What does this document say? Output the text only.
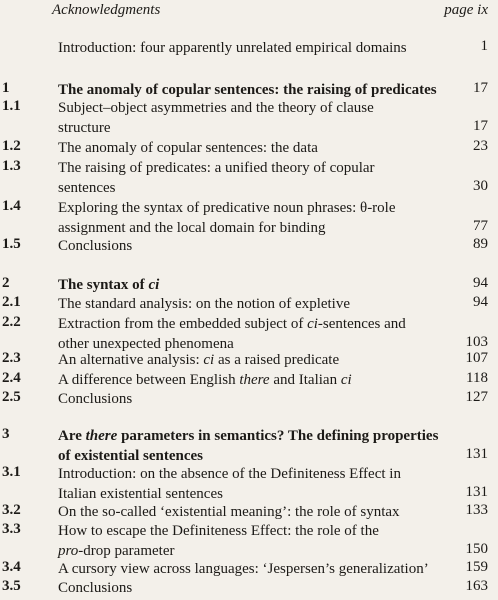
Acknowledgments	page ix
Introduction: four apparently unrelated empirical domains	1
1	The anomaly of copular sentences: the raising of predicates	17
1.1 Subject–object asymmetries and the theory of clause
structure	17
1.2 The anomaly of copular sentences: the data	23
1.3 The raising of predicates: a unified theory of copular
sentences	30
1.4 Exploring the syntax of predicative noun phrases: θ-role
assignment and the local domain for binding	77
1.5 Conclusions	89
2	The syntax of ci	94
2.1 The standard analysis: on the notion of expletive	94
2.2 Extraction from the embedded subject of ci-sentences and
other unexpected phenomena	103
2.3 An alternative analysis: ci as a raised predicate	107
2.4 A difference between English there and Italian ci	118
2.5 Conclusions	127
3	Are there parameters in semantics? The defining properties
of existential sentences	131
3.1 Introduction: on the absence of the Definiteness Effect in
Italian existential sentences	131
3.2 On the so-called ‘existential meaning’: the role of syntax	133
3.3 How to escape the Definiteness Effect: the role of the
pro-drop parameter	150
3.4 A cursory view across languages: ‘Jespersen’s generalization’	159
3.5 Conclusions	163
